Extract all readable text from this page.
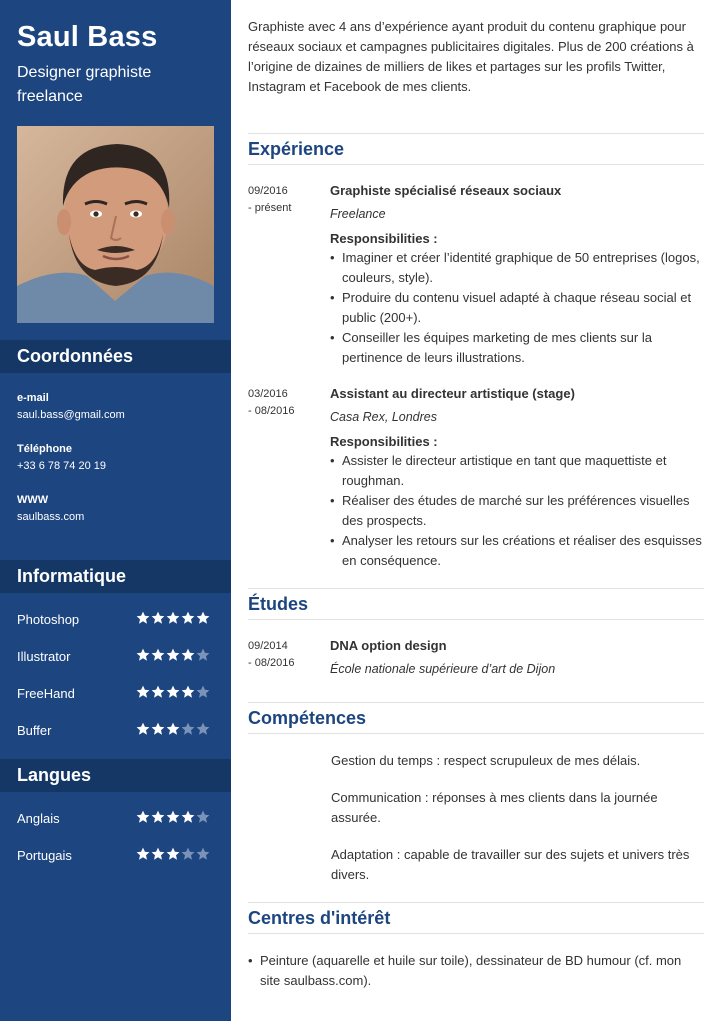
Saul Bass
Designer graphiste freelance
Coordonnées
e-mail
saul.bass@gmail.com
Téléphone
+33 6 78 74 20 19
WWW
saulbass.com
Informatique
Photoshop
Illustrator
FreeHand
Buffer
Langues
Anglais
Portugais
Graphiste avec 4 ans d’expérience ayant produit du contenu graphique pour réseaux sociaux et campagnes publicitaires digitales. Plus de 200 créations à l’origine de dizaines de milliers de likes et partages sur les profils Twitter, Instagram et Facebook de mes clients.
Expérience
09/2016
- présent
Graphiste spécialisé réseaux sociaux
Freelance
Responsibilities :
• Imaginer et créer l’identité graphique de 50 entreprises (logos, couleurs, style).
• Produire du contenu visuel adapté à chaque réseau social et public (200+).
• Conseiller les équipes marketing de mes clients sur la pertinence de leurs illustrations.
03/2016
- 08/2016
Assistant au directeur artistique (stage)
Casa Rex, Londres
Responsibilities :
• Assister le directeur artistique en tant que maquettiste et roughman.
• Réaliser des études de marché sur les préférences visuelles des prospects.
• Analyser les retours sur les créations et réaliser des esquisses en conséquence.
Études
09/2014
- 08/2016
DNA option design
École nationale supérieure d’art de Dijon
Compétences
Gestion du temps : respect scrupuleux de mes délais.
Communication : réponses à mes clients dans la journée assurée.
Adaptation : capable de travailler sur des sujets et univers très divers.
Centres d'intérêt
• Peinture (aquarelle et huile sur toile), dessinateur de BD humour (cf. mon site saulbass.com).
